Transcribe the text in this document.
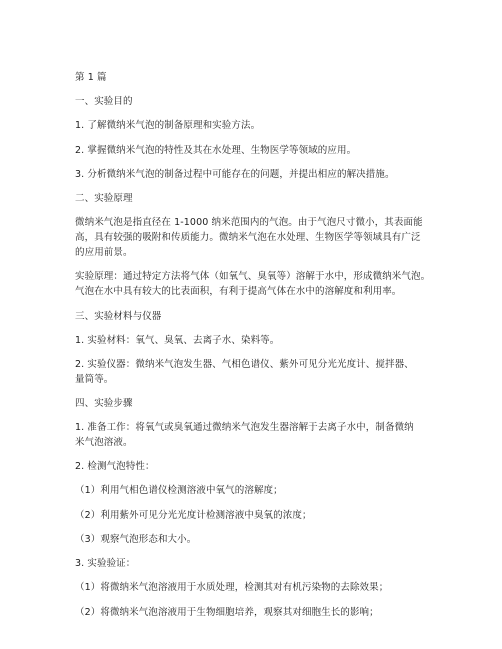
第 1 篇
一、实验目的
1. 了解微纳米气泡的制备原理和实验方法。
2. 掌握微纳米气泡的特性及其在水处理、生物医学等领域的应用。
3. 分析微纳米气泡的制备过程中可能存在的问题，并提出相应的解决措施。
二、实验原理
微纳米气泡是指直径在 1-1000 纳米范围内的气泡。由于气泡尺寸微小，其表面能
高，具有较强的吸附和传质能力。微纳米气泡在水处理、生物医学等领域具有广泛
的应用前景。
实验原理：通过特定方法将气体（如氧气、臭氧等）溶解于水中，形成微纳米气泡。
气泡在水中具有较大的比表面积，有利于提高气体在水中的溶解度和利用率。
三、实验材料与仪器
1. 实验材料：氧气、臭氧、去离子水、染料等。
2. 实验仪器：微纳米气泡发生器、气相色谱仪、紫外可见分光光度计、搅拌器、
量筒等。
四、实验步骤
1. 准备工作：将氧气或臭氧通过微纳米气泡发生器溶解于去离子水中，制备微纳
米气泡溶液。
2. 检测气泡特性：
（1）利用气相色谱仪检测溶液中氧气的溶解度；
（2）利用紫外可见分光光度计检测溶液中臭氧的浓度；
（3）观察气泡形态和大小。
3. 实验验证：
（1）将微纳米气泡溶液用于水质处理，检测其对有机污染物的去除效果；
（2）将微纳米气泡溶液用于生物细胞培养，观察其对细胞生长的影响；
